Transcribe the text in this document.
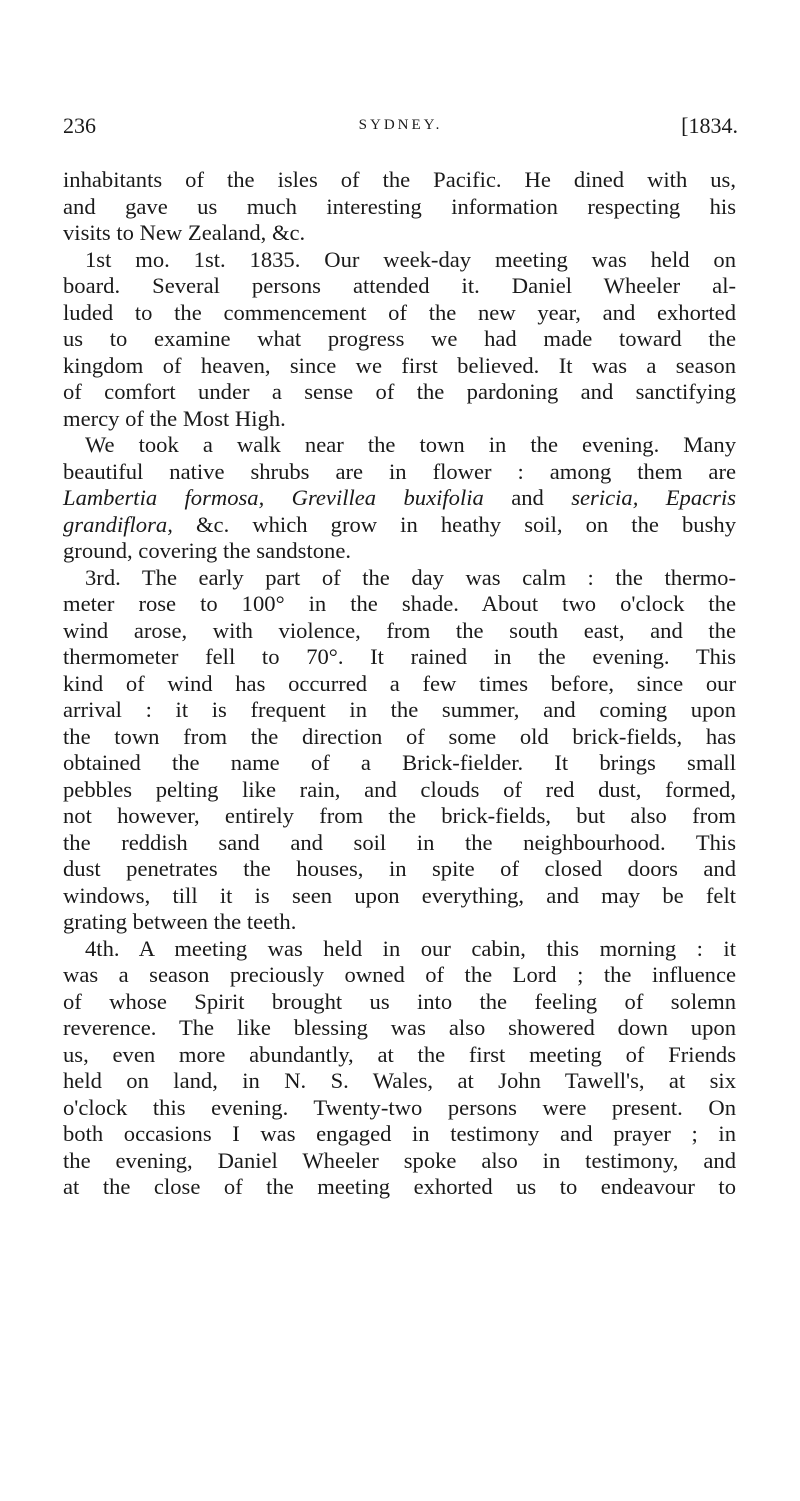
236	SYDNEY.	[1834.

inhabitants of the isles of the Pacific. He dined with us,

and gave us much interesting information respecting his

visits to New Zealand, &c.

1st mo. 1st. 1835. Our week-day meeting was held on

board. Several persons attended it. Daniel Wheeler al-

luded to the commencement of the new year, and exhorted

us to examine what progress we had made toward the

kingdom of heaven, since we first believed. It was a season

of comfort under a sense of the pardoning and sanctifying

mercy of the Most High.

We took a walk near the town in the evening. Many

beautiful native shrubs are in flower : among them are

Lambertia formosa, Grevillea buxifolia and sericia, Epacris

grandiflora, &c. which grow in heathy soil, on the bushy

ground, covering the sandstone.

3rd. The early part of the day was calm : the thermo-

meter rose to 100° in the shade. About two o'clock the

wind arose, with violence, from the south east, and the

thermometer fell to 70°. It rained in the evening. This

kind of wind has occurred a few times before, since our

arrival : it is frequent in the summer, and coming upon

the town from the direction of some old brick-fields, has

obtained the name of a Brick-fielder. It brings small

pebbles pelting like rain, and clouds of red dust, formed,

not however, entirely from the brick-fields, but also from

the reddish sand and soil in the neighbourhood. This

dust penetrates the houses, in spite of closed doors and

windows, till it is seen upon everything, and may be felt

grating between the teeth.

4th. A meeting was held in our cabin, this morning : it

was a season preciously owned of the Lord ; the influence

of whose Spirit brought us into the feeling of solemn

reverence. The like blessing was also showered down upon

us, even more abundantly, at the first meeting of Friends

held on land, in N. S. Wales, at John Tawell's, at six

o'clock this evening. Twenty-two persons were present. On

both occasions I was engaged in testimony and prayer ; in

the evening, Daniel Wheeler spoke also in testimony, and

at the close of the meeting exhorted us to endeavour to
